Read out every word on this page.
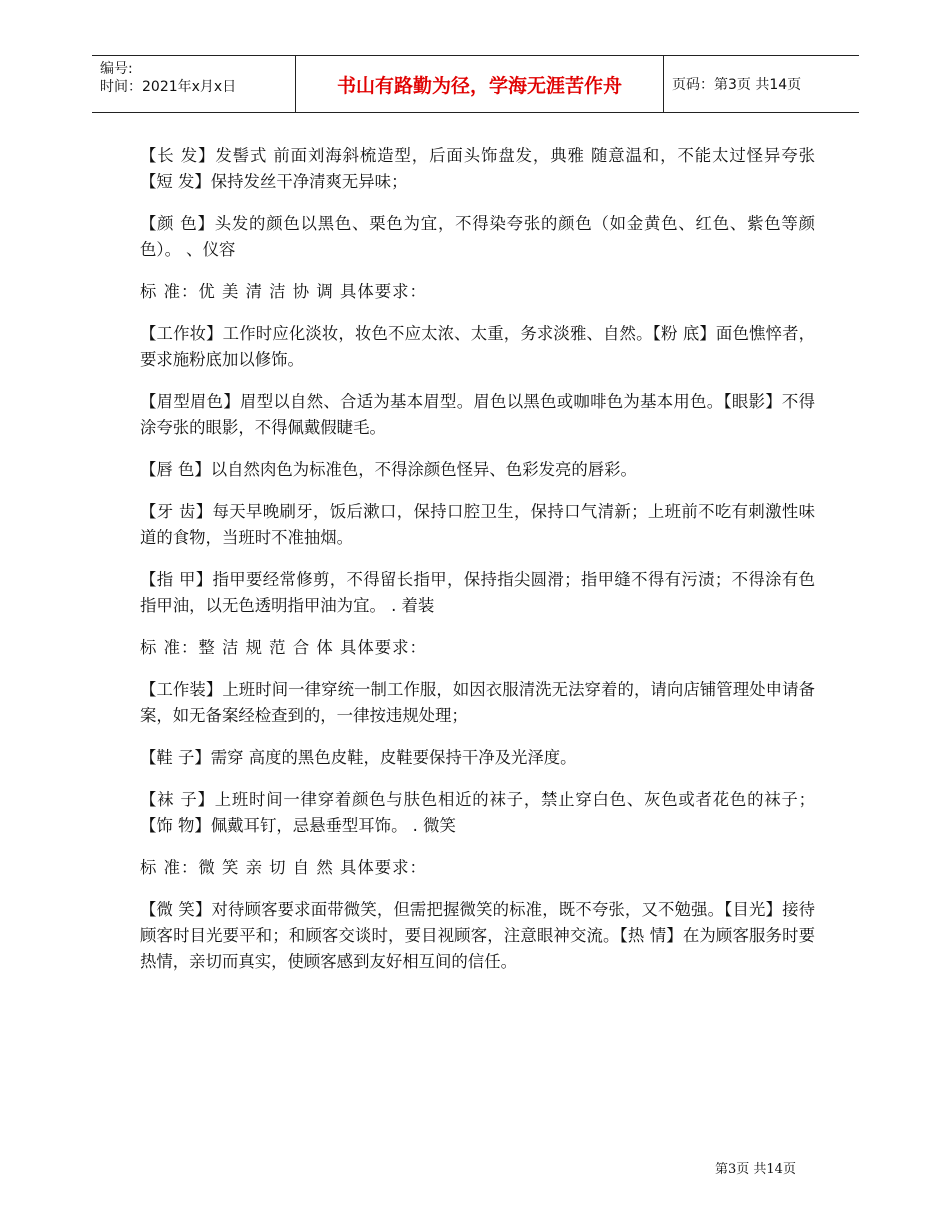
编号:
时间：2021年x月x日	书山有路勤为径，学海无涯苦作舟	页码：第3页 共14页

【长 发】发髻式 前面刘海斜梳造型，后面头饰盘发，典雅 随意温和，不能太过怪异夸张 【短 发】保持发丝干净清爽无异味；

【颜 色】头发的颜色以黑色、栗色为宜，不得染夸张的颜色（如金黄色、红色、紫色等颜色）。 、仪容

标 准：优 美 清 洁 协 调 具体要求：

【工作妆】工作时应化淡妆，妆色不应太浓、太重，务求淡雅、自然。【粉 底】面色憔悴者，要求施粉底加以修饰。

【眉型眉色】眉型以自然、合适为基本眉型。眉色以黑色或咖啡色为基本用色。【眼影】不得涂夸张的眼影，不得佩戴假睫毛。

【唇 色】以自然肉色为标准色，不得涂颜色怪异、色彩发亮的唇彩。

【牙 齿】每天早晚刷牙，饭后漱口，保持口腔卫生，保持口气清新；上班前不吃有刺激性味道的食物，当班时不准抽烟。

【指 甲】指甲要经常修剪，不得留长指甲，保持指尖圆滑；指甲缝不得有污渍；不得涂有色指甲油，以无色透明指甲油为宜。 . 着装

标 准：整 洁 规 范 合 体 具体要求：

【工作装】上班时间一律穿统一制工作服，如因衣服清洗无法穿着的，请向店铺管理处申请备案，如无备案经检查到的，一律按违规处理；

【鞋 子】需穿 高度的黑色皮鞋，皮鞋要保持干净及光泽度。

【袜 子】上班时间一律穿着颜色与肤色相近的袜子，禁止穿白色、灰色或者花色的袜子； 【饰 物】佩戴耳钉，忌悬垂型耳饰。 . 微笑

标 准：微 笑 亲 切 自 然 具体要求：

【微 笑】对待顾客要求面带微笑，但需把握微笑的标准，既不夸张，又不勉强。【目光】接待顾客时目光要平和；和顾客交谈时，要目视顾客，注意眼神交流。【热 情】在为顾客服务时要热情，亲切而真实，使顾客感到友好相互间的信任。

第3页 共14页
